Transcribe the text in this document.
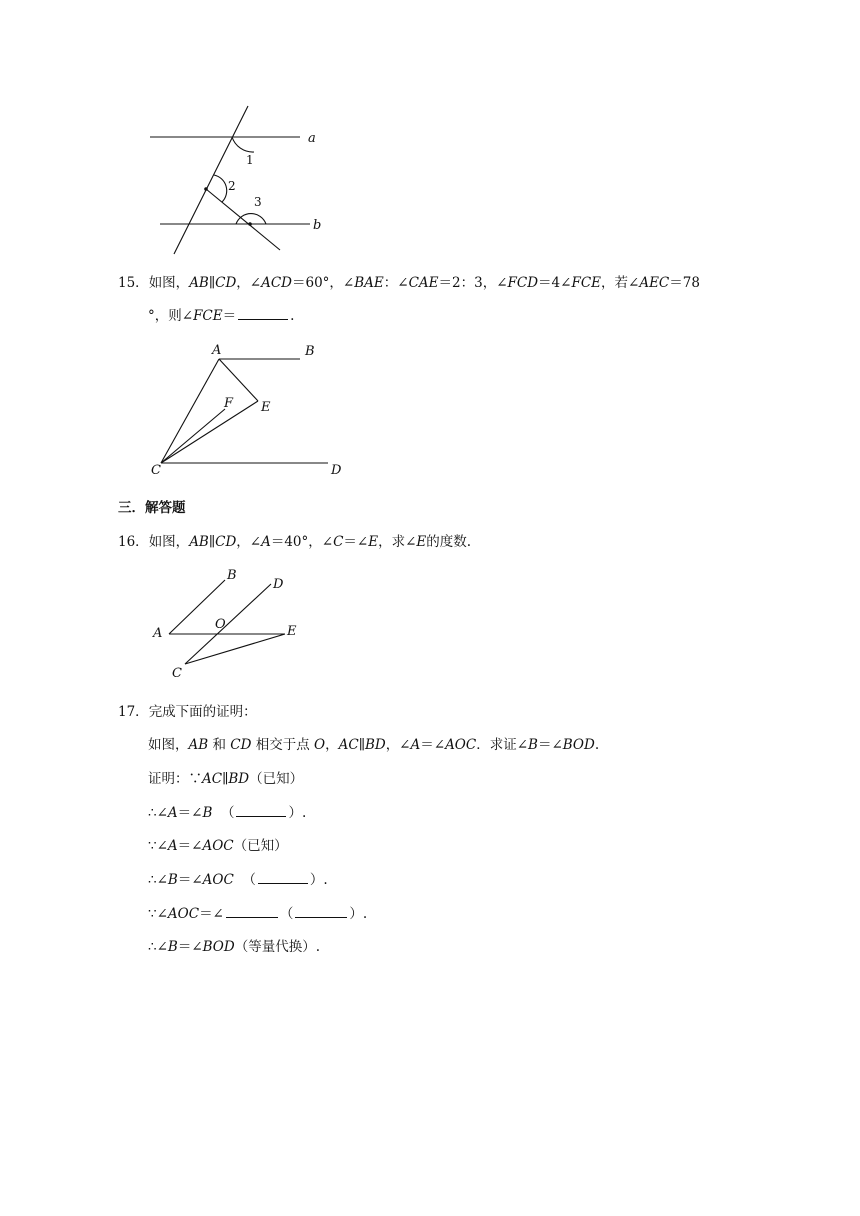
a
b
1
2
3
15．如图，AB∥CD，∠ACD＝60°，∠BAE：∠CAE＝2：3，∠FCD＝4∠FCE，若∠AEC＝78
°，则∠FCE＝	.
A	B
C	D
E
F
三．解答题
16．如图，AB∥CD，∠A＝40°，∠C＝∠E，求∠E的度数.
A
B
C
D
E
O
17．完成下面的证明：
如图，AB 和 CD 相交于点 O，AC∥BD，∠A＝∠AOC．求证∠B＝∠BOD.
证明：∵AC∥BD（已知）
∴∠A＝∠B （	）.
∵∠A＝∠AOC（已知）
∴∠B＝∠AOC （	）.
∵∠AOC＝∠	（	）.
∴∠B＝∠BOD（等量代换）.
